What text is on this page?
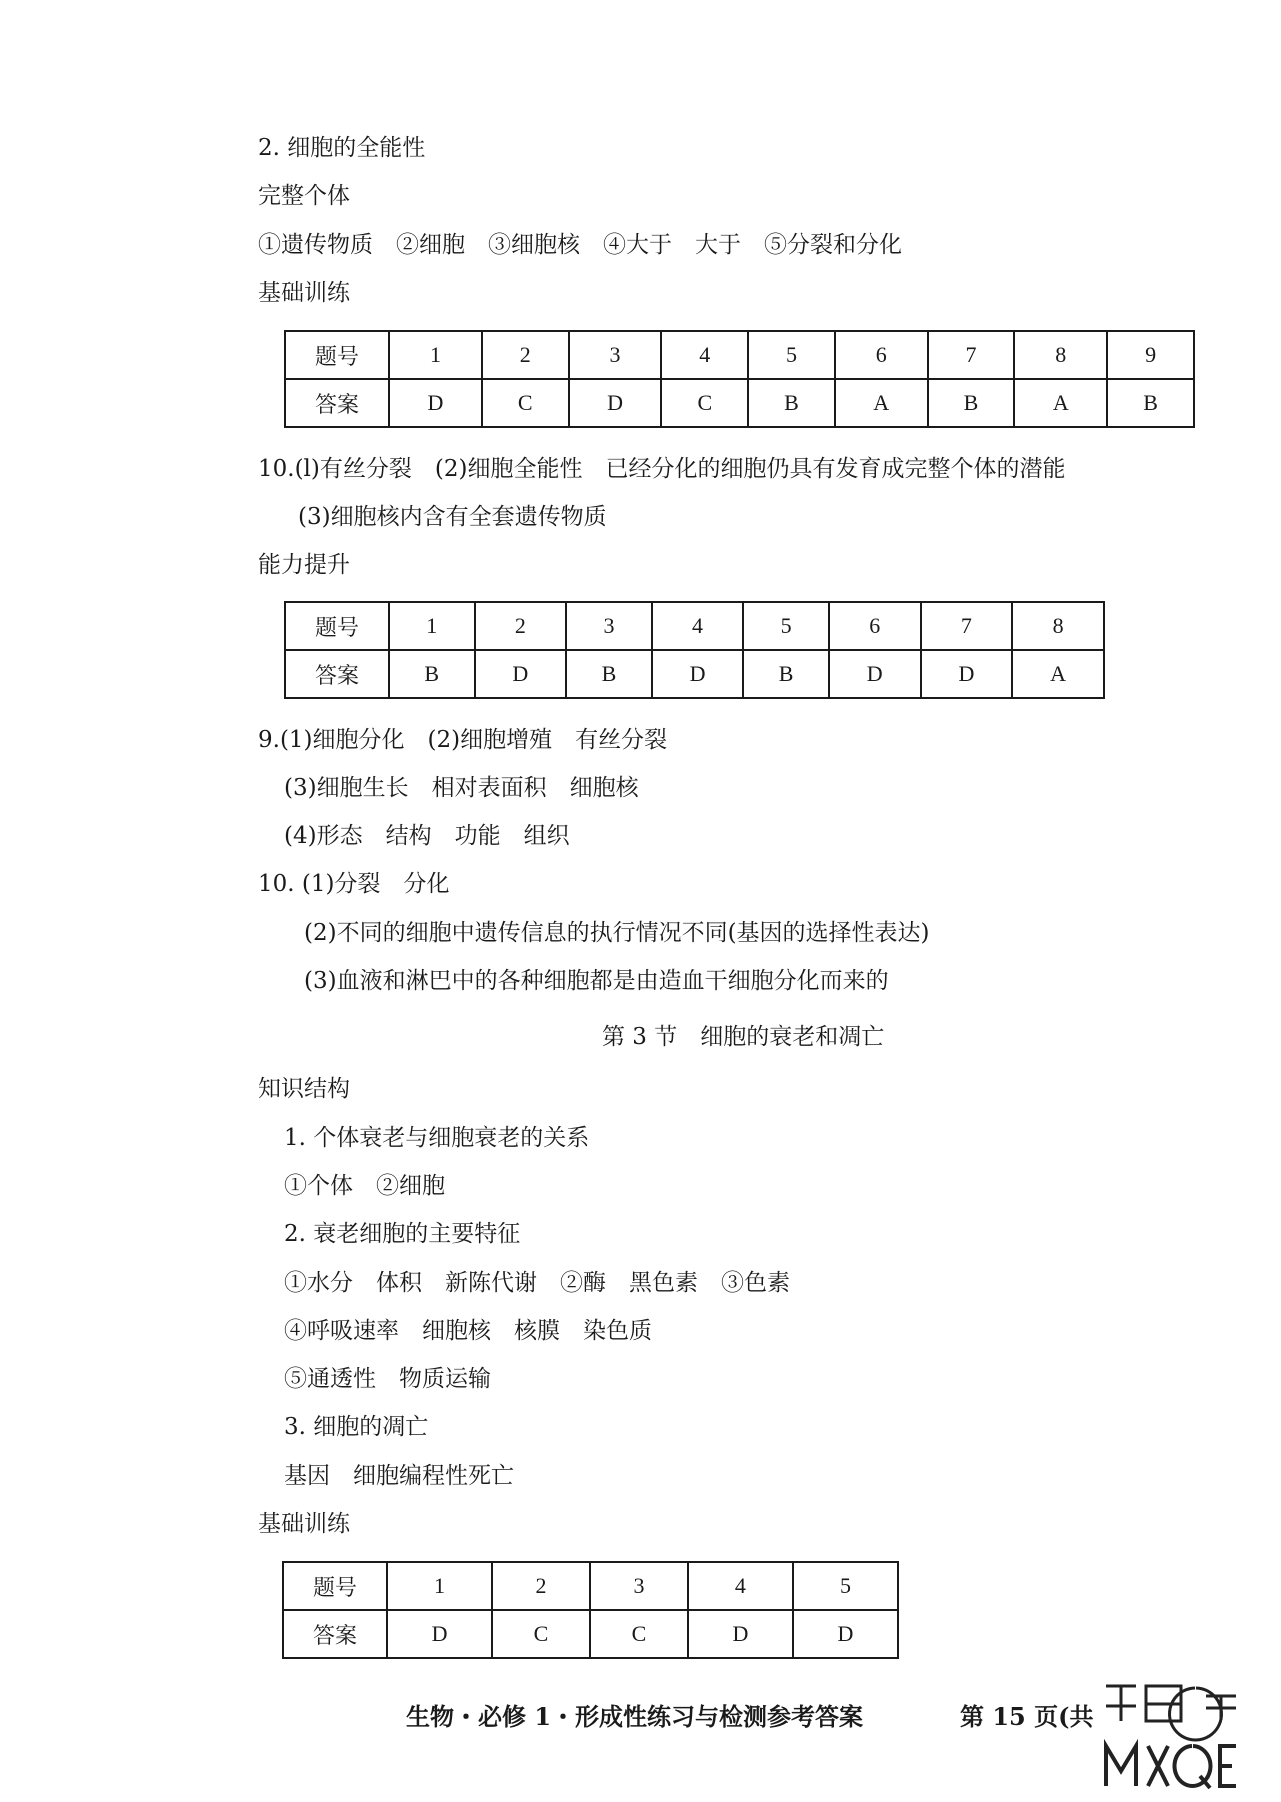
2. 细胞的全能性
完整个体
①遗传物质　②细胞　③细胞核　④大于　大于　⑤分裂和分化
基础训练
题号	1	2	3	4	5	6	7	8	9
答案	D	C	D	C	B	A	B	A	B
10.(l)有丝分裂　(2)细胞全能性　已经分化的细胞仍具有发育成完整个体的潜能
(3)细胞核内含有全套遗传物质
能力提升
题号	1	2	3	4	5	6	7	8
答案	B	D	B	D	B	D	D	A
9.(1)细胞分化　(2)细胞增殖　有丝分裂
(3)细胞生长　相对表面积　细胞核
(4)形态　结构　功能　组织
10. (1)分裂　分化
(2)不同的细胞中遗传信息的执行情况不同(基因的选择性表达)
(3)血液和淋巴中的各种细胞都是由造血干细胞分化而来的
第 3 节　细胞的衰老和凋亡
知识结构
1. 个体衰老与细胞衰老的关系
①个体　②细胞
2. 衰老细胞的主要特征
①水分　体积　新陈代谢　②酶　黑色素　③色素
④呼吸速率　细胞核　核膜　染色质
⑤通透性　物质运输
3. 细胞的凋亡
基因　细胞编程性死亡
基础训练
题号	1	2	3	4	5
答案	D	C	C	D	D
生物・必修 1・形成性练习与检测参考答案	第 15 页(共
